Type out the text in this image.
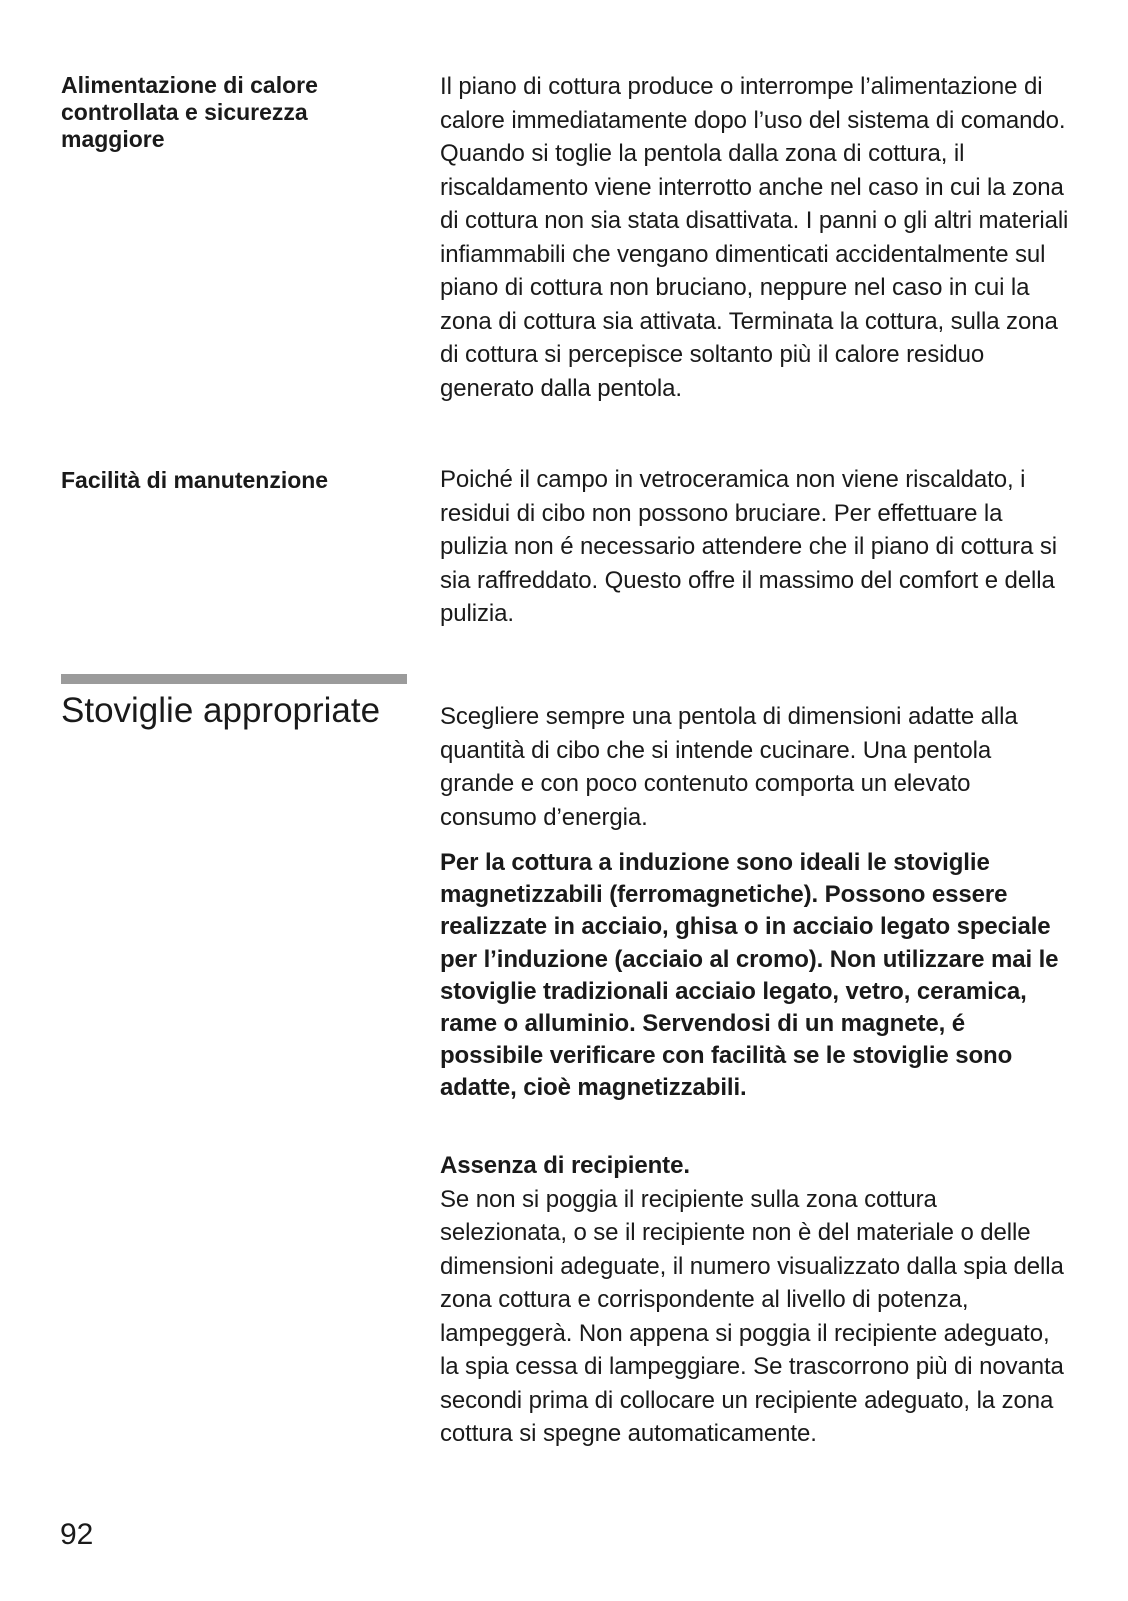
Alimentazione di calore controllata e sicurezza maggiore

Il piano di cottura produce o interrompe l’alimentazione di calore immediatamente dopo l’uso del sistema di comando. Quando si toglie la pentola dalla zona di cottura, il riscaldamento viene interrotto anche nel caso in cui la zona di cottura non sia stata disattivata. I panni o gli altri materiali infiammabili che vengano dimenticati accidentalmente sul piano di cottura non bruciano, neppure nel caso in cui la zona di cottura sia attivata. Terminata la cottura, sulla zona di cottura si percepisce soltanto più il calore residuo generato dalla pentola.

Facilità di manutenzione	Poiché il campo in vetroceramica non viene riscaldato, i residui di cibo non possono bruciare. Per effettuare la pulizia non é necessario attendere che il piano di cottura si sia raffreddato. Questo offre il massimo del comfort e della pulizia.

Stoviglie appropriate	Scegliere sempre una pentola di dimensioni adatte alla quantità di cibo che si intende cucinare. Una pentola grande e con poco contenuto comporta un elevato consumo d’energia.

Per la cottura a induzione sono ideali le stoviglie magnetizzabili (ferromagnetiche). Possono essere realizzate in acciaio, ghisa o in acciaio legato speciale per l’induzione (acciaio al cromo). Non utilizzare mai le stoviglie tradizionali acciaio legato, vetro, ceramica, rame o alluminio. Servendosi di un magnete, é possibile verificare con facilità se le stoviglie sono adatte, cioè magnetizzabili.

Assenza di recipiente.
Se non si poggia il recipiente sulla zona cottura selezionata, o se il recipiente non è del materiale o delle dimensioni adeguate, il numero visualizzato dalla spia della zona cottura e corrispondente al livello di potenza, lampeggerà. Non appena si poggia il recipiente adeguato, la spia cessa di lampeggiare. Se trascorrono più di novanta secondi prima di collocare un recipiente adeguato, la zona cottura si spegne automaticamente.

92
